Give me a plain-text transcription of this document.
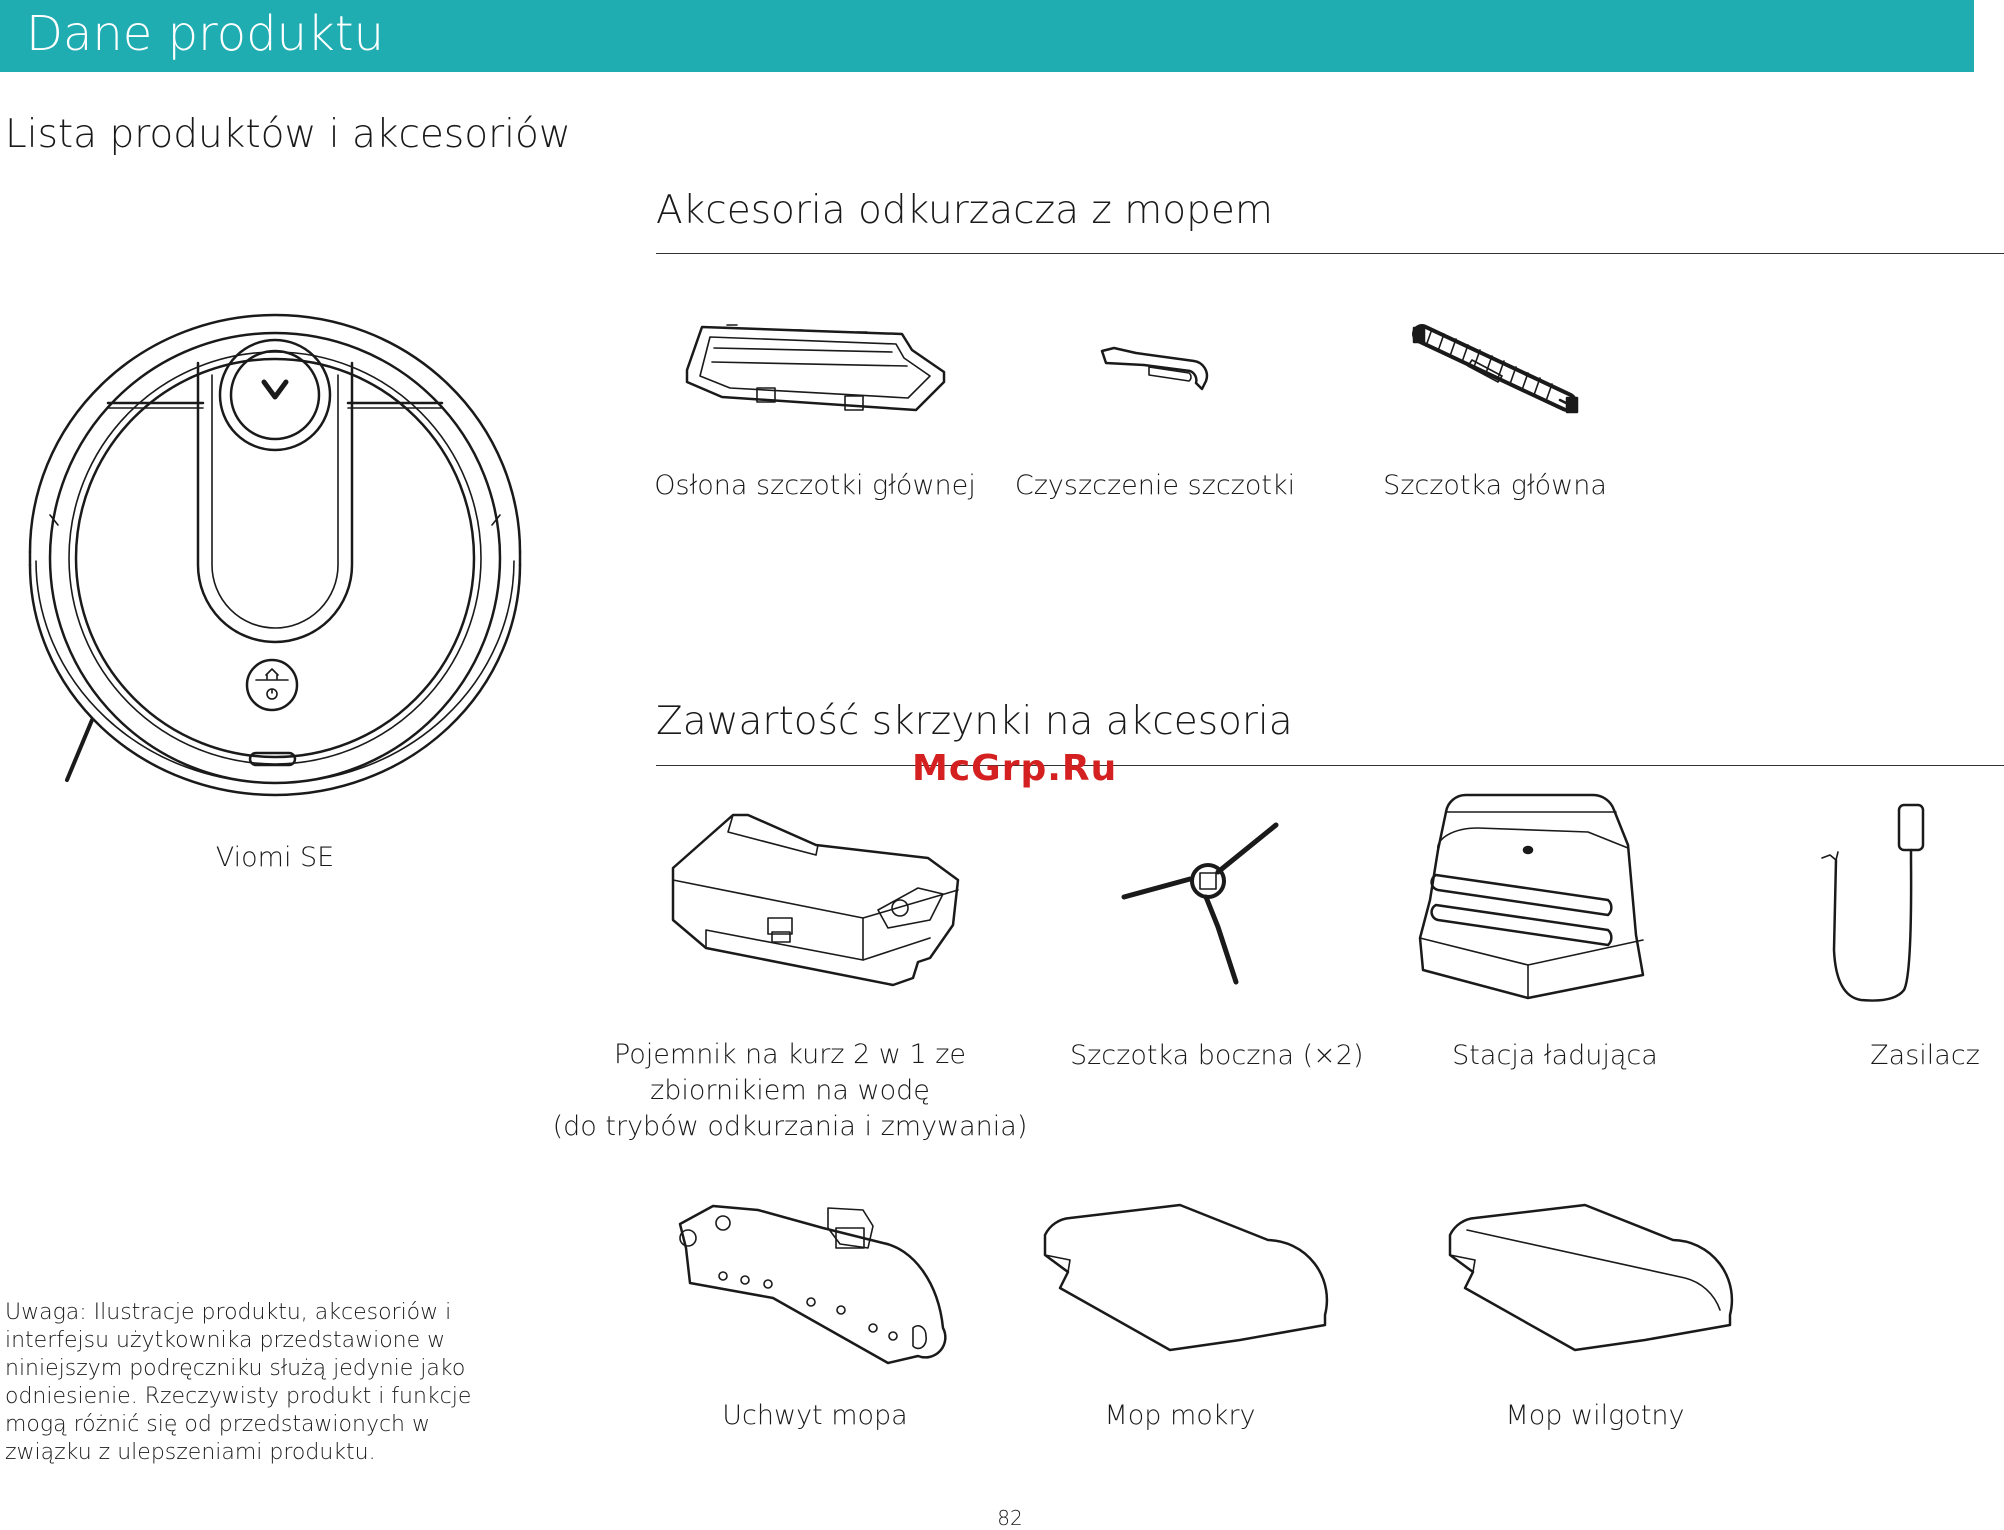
Dane produktu
Lista produktów i akcesoriów
Akcesoria odkurzacza z mopem
Zawartość skrzynki na akcesoria
McGrp.Ru
Viomi SE
Osłona szczotki głównej Czyszczenie szczotki	Szczotka główna
Pojemnik na kurz 2 w 1 ze
zbiornikiem na wodę
(do trybów odkurzania i zmywania)
Szczotka boczna (×2)	Stacja ładująca	Zasilacz
Uchwyt mopa	Mop mokry	Mop wilgotny
Uwaga: Ilustracje produktu, akcesoriów i
interfejsu użytkownika przedstawione w
niniejszym podręczniku służą jedynie jako
odniesienie. Rzeczywisty produkt i funkcje
mogą różnić się od przedstawionych w
związku z ulepszeniami produktu.
82
